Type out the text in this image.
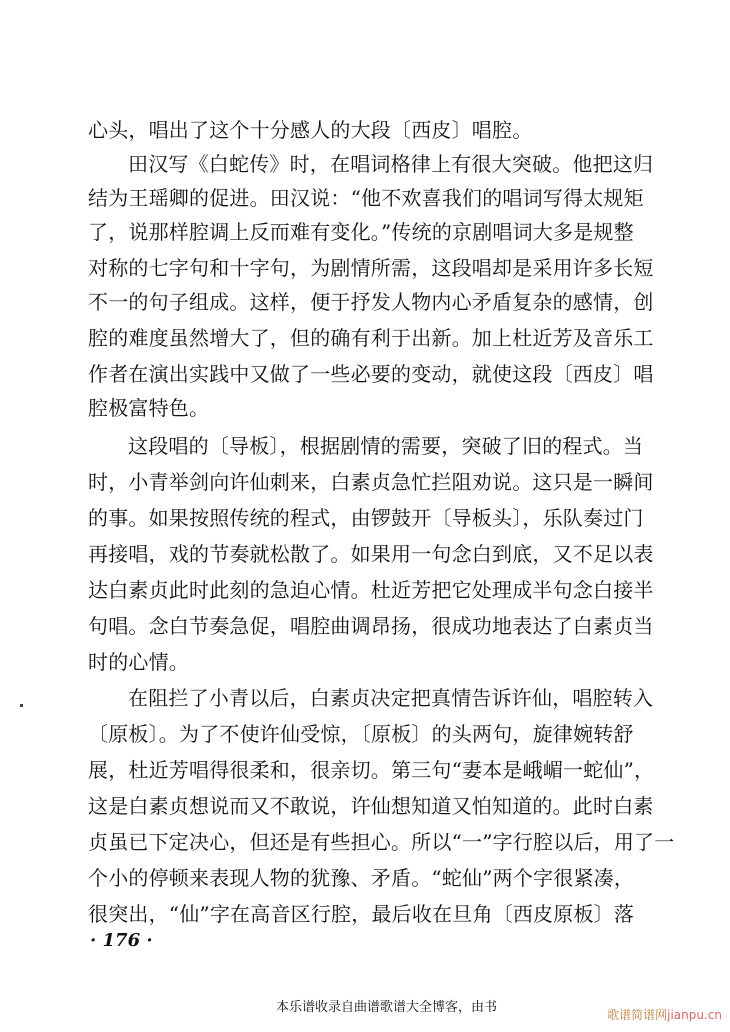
心头，唱出了这个十分感人的大段〔西皮〕唱腔。
田汉写《白蛇传》时，在唱词格律上有很大突破。他把这归
结为王瑶卿的促进。田汉说：“他不欢喜我们的唱词写得太规矩
了，说那样腔调上反而难有变化。”传统的京剧唱词大多是规整
对称的七字句和十字句，为剧情所需，这段唱却是采用许多长短
不一的句子组成。这样，便于抒发人物内心矛盾复杂的感情，创
腔的难度虽然增大了，但的确有利于出新。加上杜近芳及音乐工
作者在演出实践中又做了一些必要的变动，就使这段〔西皮〕唱
腔极富特色。
这段唱的〔导板〕，根据剧情的需要，突破了旧的程式。当
时，小青举剑向许仙刺来，白素贞急忙拦阻劝说。这只是一瞬间
的事。如果按照传统的程式，由锣鼓开〔导板头〕，乐队奏过门
再接唱，戏的节奏就松散了。如果用一句念白到底，又不足以表
达白素贞此时此刻的急迫心情。杜近芳把它处理成半句念白接半
句唱。念白节奏急促，唱腔曲调昂扬，很成功地表达了白素贞当
时的心情。
在阻拦了小青以后，白素贞决定把真情告诉许仙，唱腔转入
〔原板〕。为了不使许仙受惊，〔原板〕的头两句，旋律婉转舒
展，杜近芳唱得很柔和，很亲切。第三句“妻本是峨嵋一蛇仙”，
这是白素贞想说而又不敢说，许仙想知道又怕知道的。此时白素
贞虽已下定决心，但还是有些担心。所以“一”字行腔以后，用了一
个小的停顿来表现人物的犹豫、矛盾。“蛇仙”两个字很紧凑，
很突出，“仙”字在高音区行腔，最后收在旦角〔西皮原板〕落
· 176 ·
本乐谱收录自曲谱歌谱大全博客，由书	歌谱简谱网jianpu.cn
